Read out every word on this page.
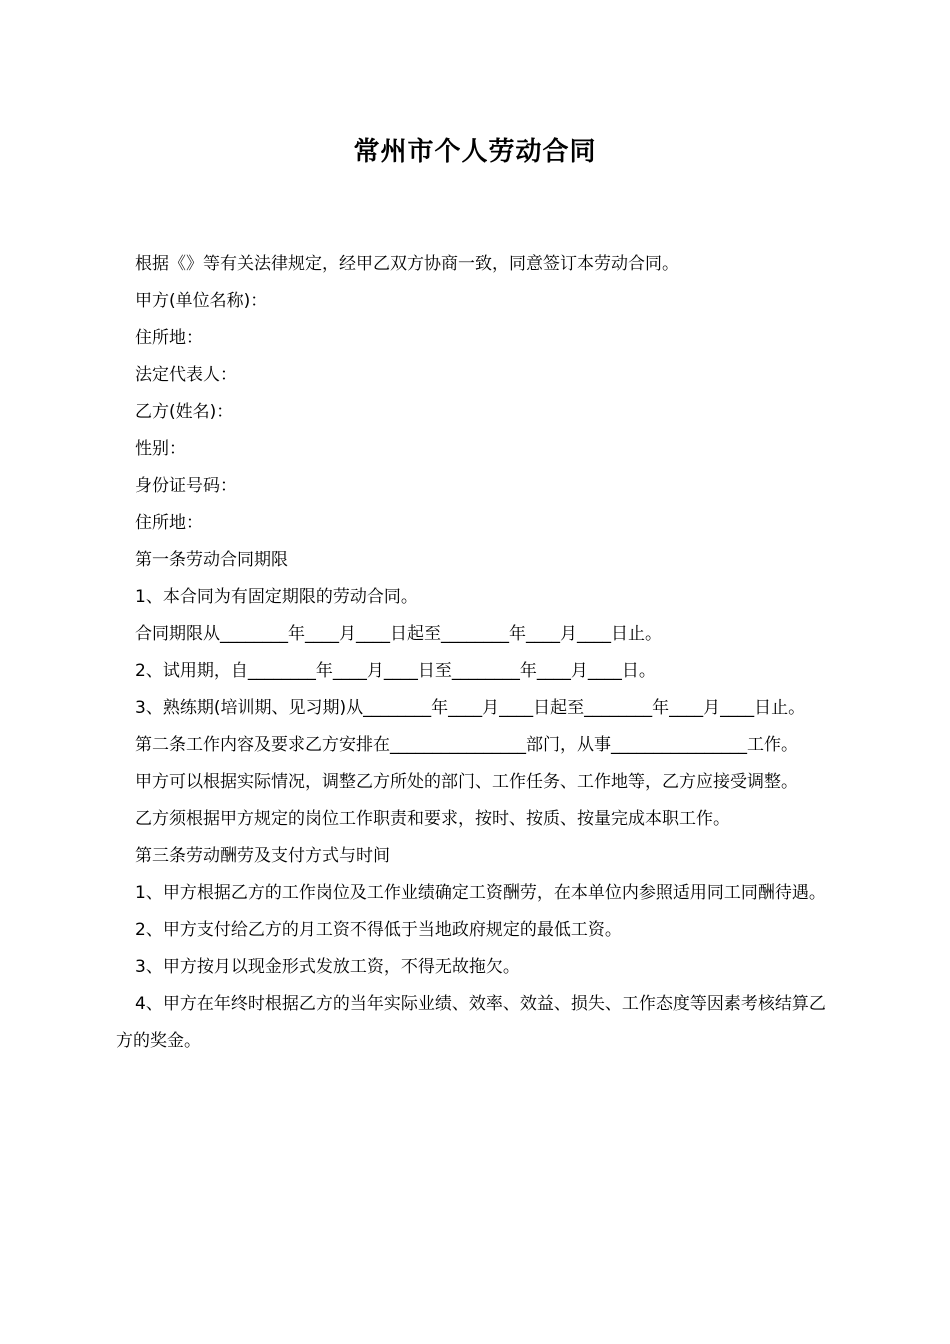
常州市个人劳动合同

根据《》等有关法律规定，经甲乙双方协商一致，同意签订本劳动合同。

甲方(单位名称)：

住所地：

法定代表人：

乙方(姓名)：

性别：

身份证号码：

住所地：

第一条劳动合同期限

1、本合同为有固定期限的劳动合同。

合同期限从________年____月____日起至________年____月____日止。

2、试用期，自________年____月____日至________年____月____日。

3、熟练期(培训期、见习期)从________年____月____日起至________年____月____日止。

第二条工作内容及要求乙方安排在________________部门，从事________________工作。

甲方可以根据实际情况，调整乙方所处的部门、工作任务、工作地等，乙方应接受调整。

乙方须根据甲方规定的岗位工作职责和要求，按时、按质、按量完成本职工作。

第三条劳动酬劳及支付方式与时间

1、甲方根据乙方的工作岗位及工作业绩确定工资酬劳，在本单位内参照适用同工同酬待遇。

2、甲方支付给乙方的月工资不得低于当地政府规定的最低工资。

3、甲方按月以现金形式发放工资，不得无故拖欠。

4、甲方在年终时根据乙方的当年实际业绩、效率、效益、损失、工作态度等因素考核结算乙方的奖金。
